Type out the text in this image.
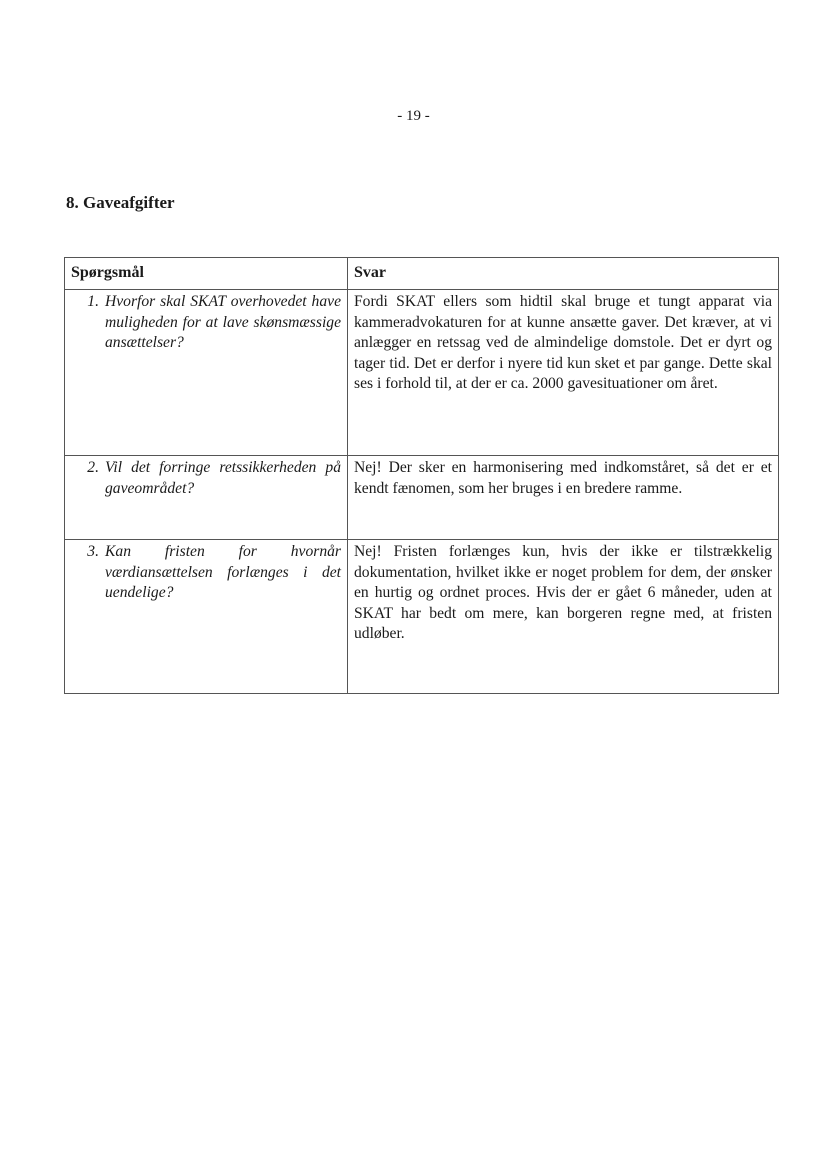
- 19 -
8. Gaveafgifter
Spørgsmål	Svar

1. Hvorfor skal SKAT overhovedet have muligheden for at lave skønsmæssige ansættelser?	Fordi SKAT ellers som hidtil skal bruge et tungt apparat via kammeradvokaturen for at kunne ansætte gaver. Det kræver, at vi anlægger en retssag ved de almindelige domstole. Det er dyrt og tager tid. Det er derfor i nyere tid kun sket et par gange. Dette skal ses i forhold til, at der er ca. 2000 gavesituationer om året.

2. Vil det forringe retssikkerheden på gaveområdet?	Nej! Der sker en harmonisering med indkomståret, så det er et kendt fænomen, som her bruges i en bredere ramme.

3. Kan fristen for hvornår værdiansættelsen forlænges i det uendelige?	Nej! Fristen forlænges kun, hvis der ikke er tilstrækkelig dokumentation, hvilket ikke er noget problem for dem, der ønsker en hurtig og ordnet proces. Hvis der er gået 6 måneder, uden at SKAT har bedt om mere, kan borgeren regne med, at fristen udløber.
